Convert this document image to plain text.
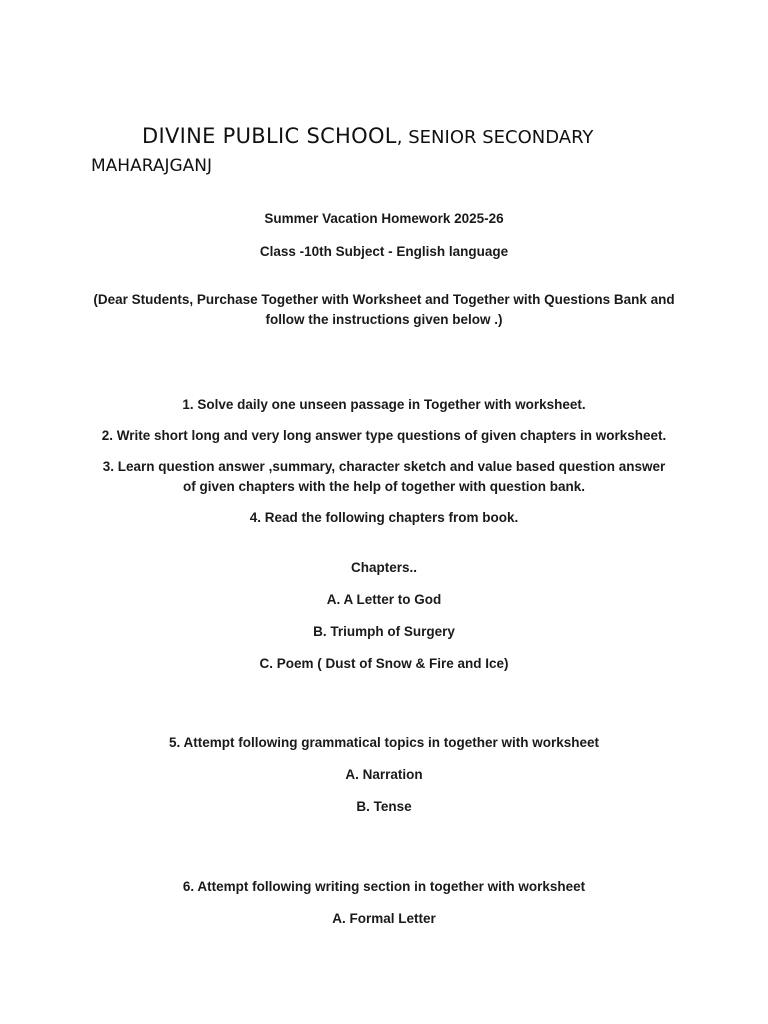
DIVINE PUBLIC SCHOOL, SENIOR SECONDARY
MAHARAJGANJ
Summer Vacation Homework 2025-26
Class -10th Subject - English language
(Dear Students, Purchase Together with Worksheet and Together with Questions Bank and follow the instructions given below .)
1. Solve daily one unseen passage in Together with worksheet.
2. Write short long and very long answer type questions of given chapters in worksheet.
3. Learn question answer ,summary, character sketch and value based question answer of given chapters with the help of together with question bank.
4. Read the following chapters from book.
Chapters..
A. A Letter to God
B. Triumph of Surgery
C. Poem ( Dust of Snow & Fire and Ice)
5. Attempt following grammatical topics in together with worksheet
A. Narration
B. Tense
6. Attempt following writing section in together with worksheet
A. Formal Letter
